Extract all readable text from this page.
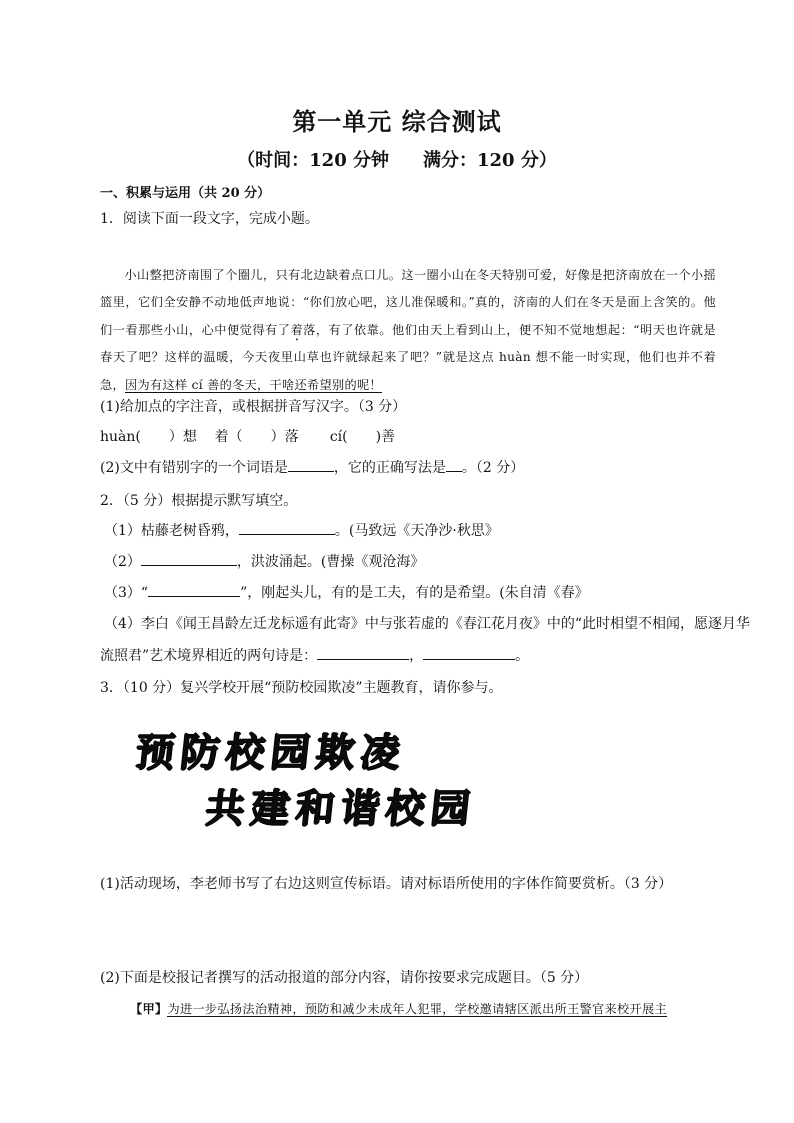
第一单元 综合测试
（时间：120 分钟 满分：120 分）
一、积累与运用（共 20 分）
1．阅读下面一段文字，完成小题。
小山整把济南围了个圈儿，只有北边缺着点口儿。这一圈小山在冬天特别可爱，好像是把济南放在一个小摇篮里，它们全安静不动地低声地说：“你们放心吧，这儿准保暖和。”真的，济南的人们在冬天是面上含笑的。他们一看那些小山，心中便觉得有了着落，有了依靠。他们由天上看到山上，便不知不觉地想起：“明天也许就是春天了吧？这样的温暖，今天夜里山草也许就绿起来了吧？”就是这点 huàn 想不能一时实现，他们也并不着急，因为有这样 cí 善的冬天，干啥还希望别的呢！
(1)给加点的字注音，或根据拼音写汉字。（3 分）
huàn(　　）想 着（　　）落 cí(　　)善
(2)文中有错别字的一个词语是	，它的正确写法是 。（2 分）
2．（5 分）根据提示默写填空。
（1）枯藤老树昏鸦，	。(马致远《天净沙·秋思》
（2）	，洪波涌起。(曹操《观沧海》
（3）“	”，刚起头儿，有的是工夫，有的是希望。(朱自清《春》
（4）李白《闻王昌龄左迁龙标遥有此寄》中与张若虚的《春江花月夜》中的“此时相望不相闻，愿逐月华
流照君”艺术境界相近的两句诗是：	，	。
3．（10 分）复兴学校开展“预防校园欺凌”主题教育，请你参与。
预防校园欺凌
共建和谐校园
(1)活动现场，李老师书写了右边这则宣传标语。请对标语所使用的字体作简要赏析。（3 分）
(2)下面是校报记者撰写的活动报道的部分内容，请你按要求完成题目。（5 分）
【甲】为进一步弘扬法治精神，预防和减少未成年人犯罪，学校邀请辖区派出所王警官来校开展主
